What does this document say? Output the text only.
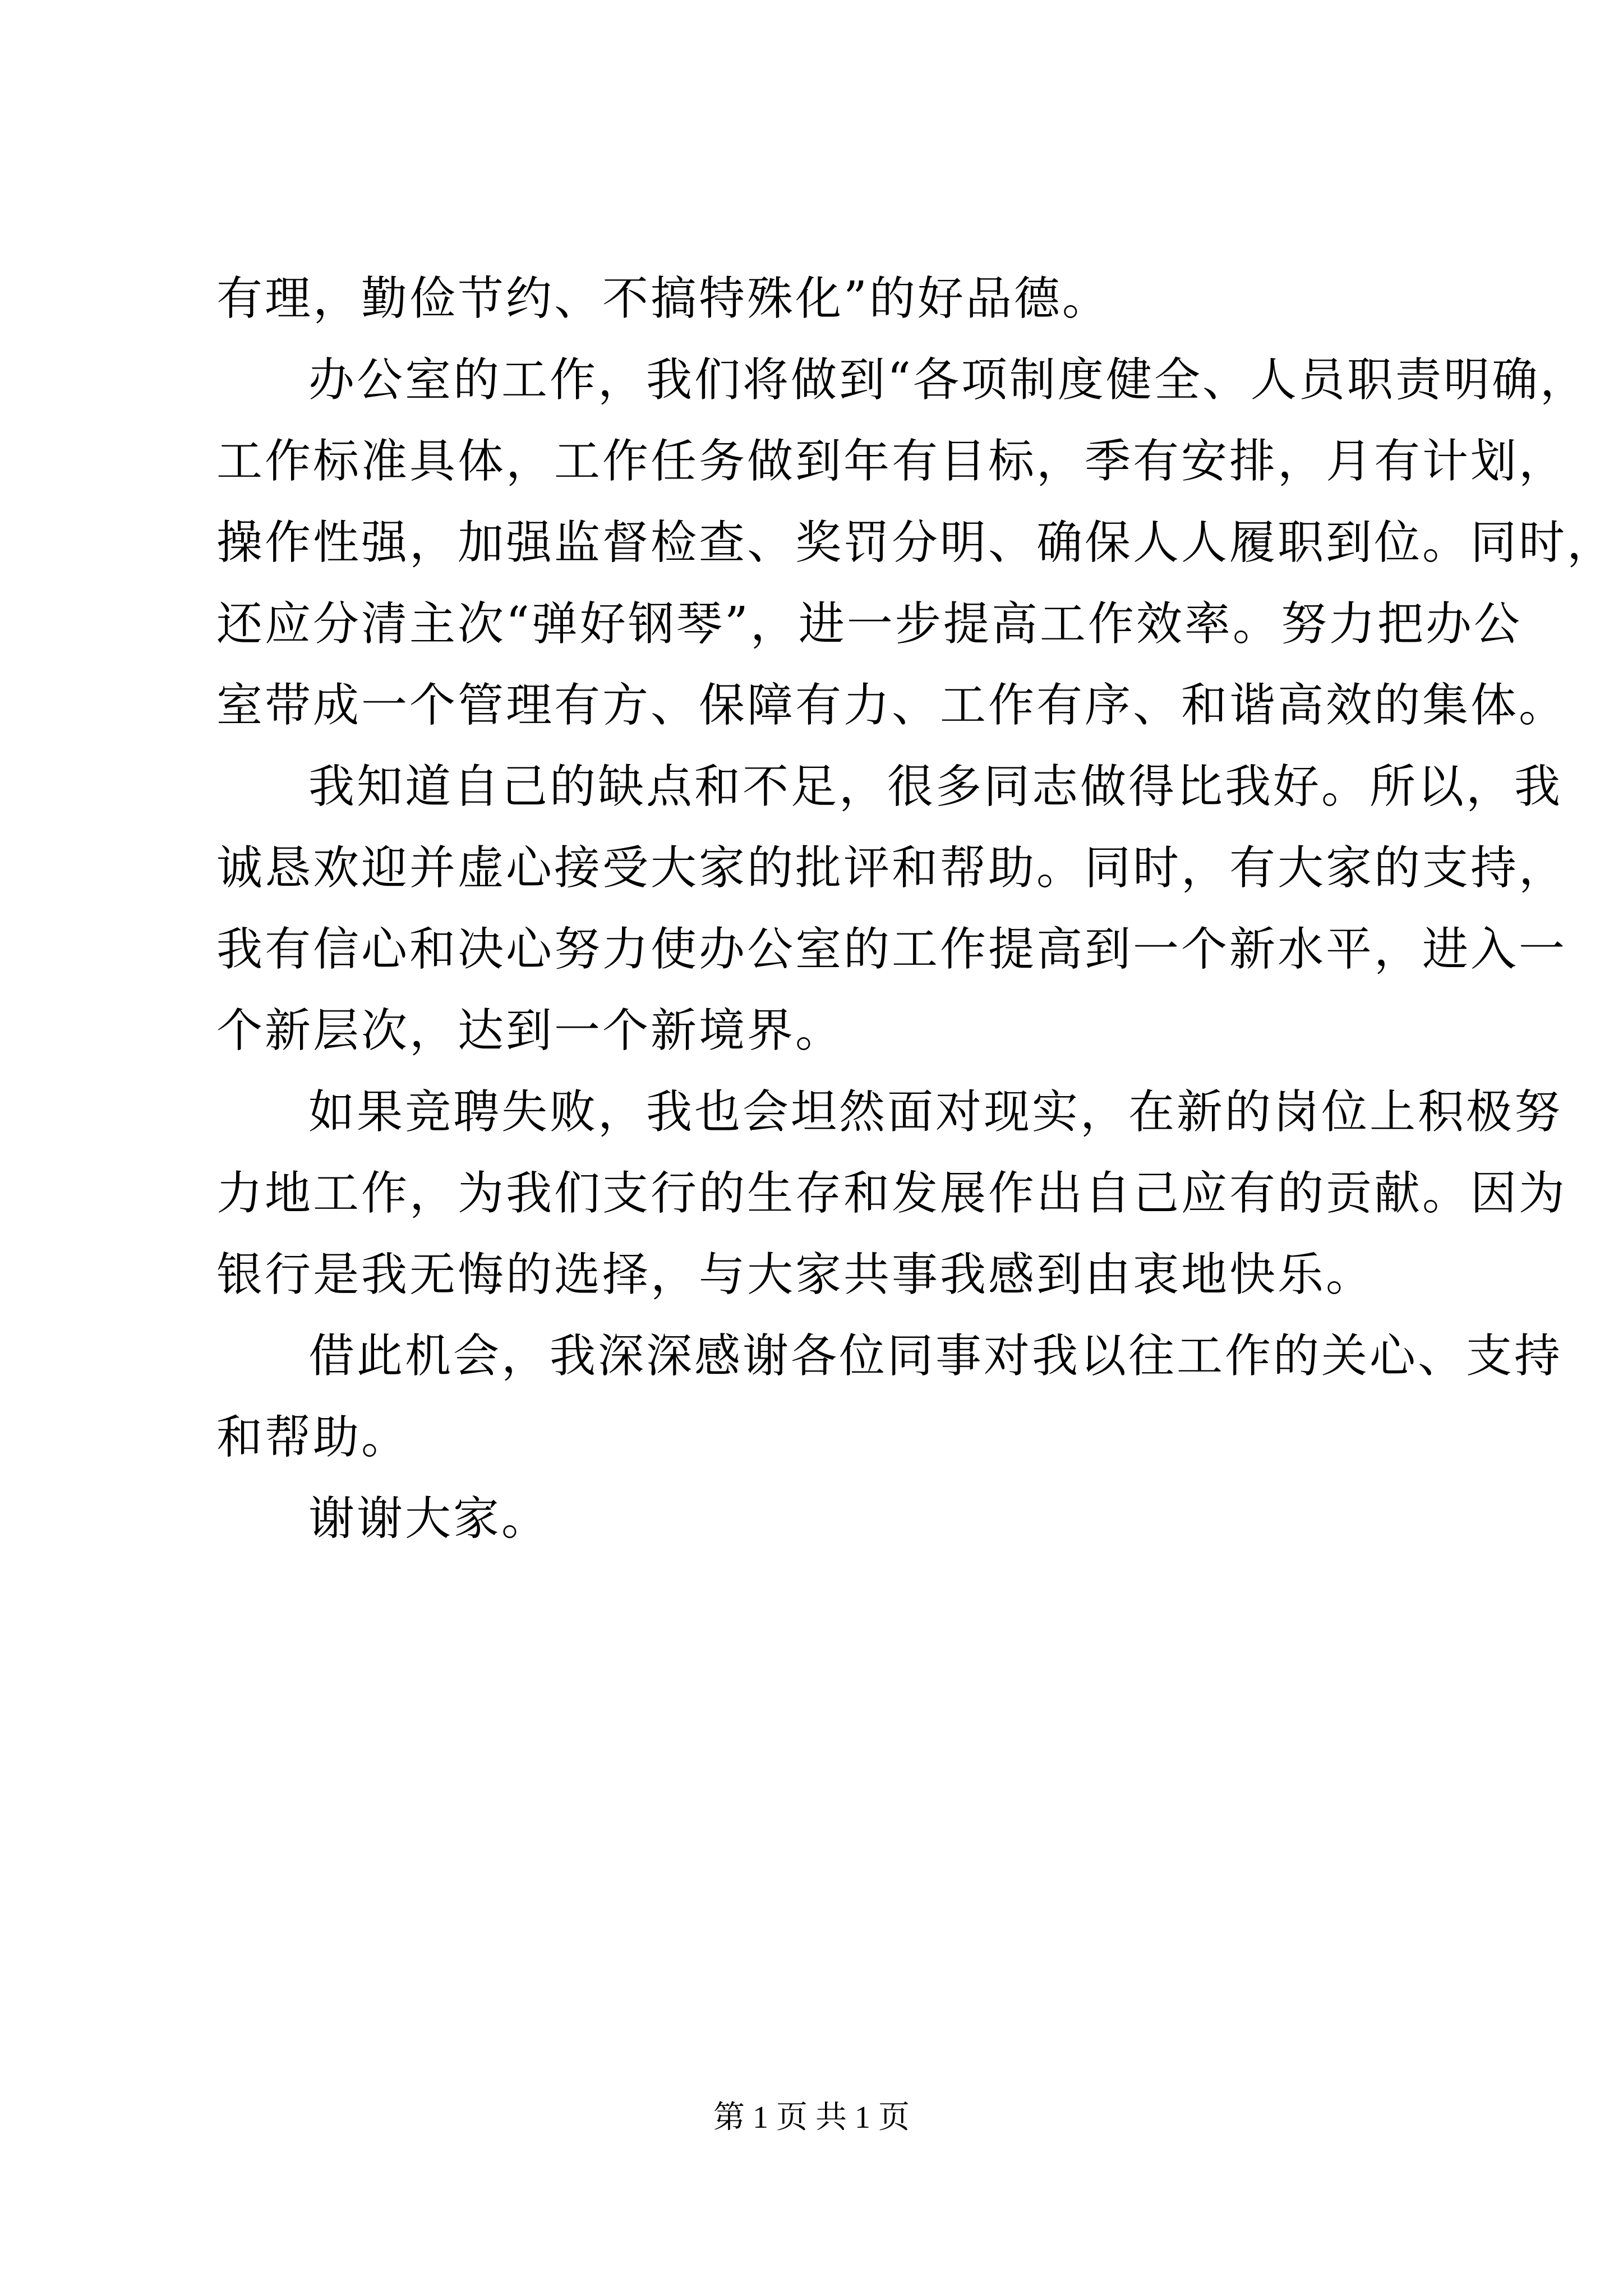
有理，勤俭节约、不搞特殊化”的好品德。
办公室的工作，我们将做到“各项制度健全、人员职责明确，
工作标准具体，工作任务做到年有目标，季有安排，月有计划，
操作性强，加强监督检查、奖罚分明、确保人人履职到位。同时，
还应分清主次“弹好钢琴”，进一步提高工作效率。努力把办公
室带成一个管理有方、保障有力、工作有序、和谐高效的集体。
我知道自己的缺点和不足，很多同志做得比我好。所以，我
诚恳欢迎并虚心接受大家的批评和帮助。同时，有大家的支持，
我有信心和决心努力使办公室的工作提高到一个新水平，进入一
个新层次，达到一个新境界。
如果竞聘失败，我也会坦然面对现实，在新的岗位上积极努
力地工作，为我们支行的生存和发展作出自己应有的贡献。因为
银行是我无悔的选择，与大家共事我感到由衷地快乐。
借此机会，我深深感谢各位同事对我以往工作的关心、支持
和帮助。
谢谢大家。
第 1 页 共 1 页
